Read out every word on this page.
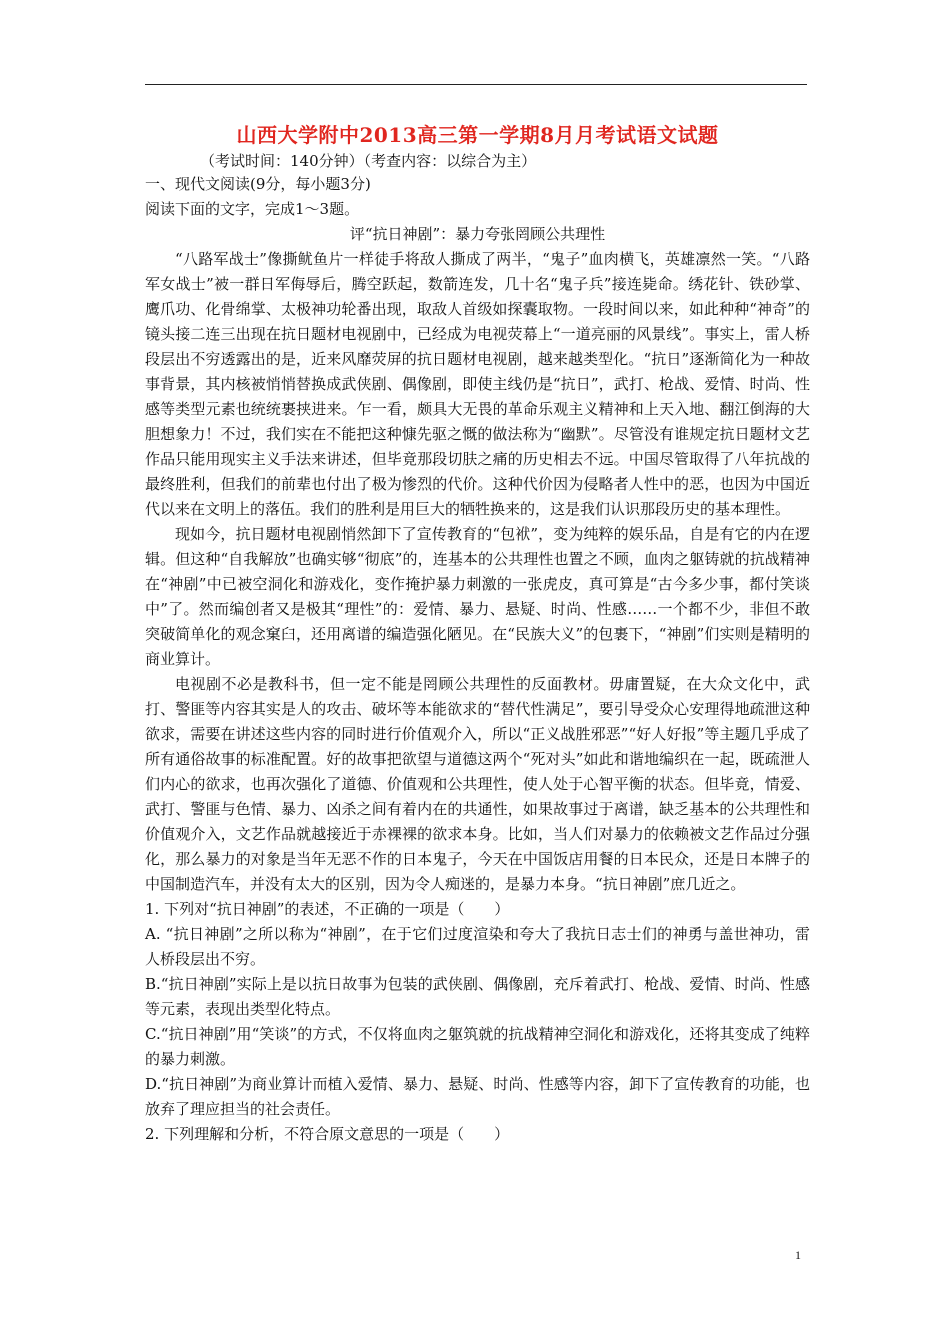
山西大学附中2013高三第一学期8月月考试语文试题

（考试时间：140分钟）（考查内容：以综合为主）

一、现代文阅读(9分，每小题3分)

阅读下面的文字，完成1～3题。

评“抗日神剧”：暴力夸张罔顾公共理性

“八路军战士”像撕鱿鱼片一样徒手将敌人撕成了两半，“鬼子”血肉横飞，英雄凛然一笑。“八路军女战士”被一群日军侮辱后，腾空跃起，数箭连发，几十名“鬼子兵”接连毙命。绣花针、铁砂掌、鹰爪功、化骨绵掌、太极神功轮番出现，取敌人首级如探囊取物。一段时间以来，如此种种“神奇”的镜头接二连三出现在抗日题材电视剧中，已经成为电视荧幕上“一道亮丽的风景线”。事实上，雷人桥段层出不穷透露出的是，近来风靡荧屏的抗日题材电视剧，越来越类型化。“抗日”逐渐简化为一种故事背景，其内核被悄悄替换成武侠剧、偶像剧，即使主线仍是“抗日”，武打、枪战、爱情、时尚、性感等类型元素也统统裹挟进来。乍一看，颇具大无畏的革命乐观主义精神和上天入地、翻江倒海的大胆想象力！不过，我们实在不能把这种慷先驱之慨的做法称为“幽默”。尽管没有谁规定抗日题材文艺作品只能用现实主义手法来讲述，但毕竟那段切肤之痛的历史相去不远。中国尽管取得了八年抗战的最终胜利，但我们的前辈也付出了极为惨烈的代价。这种代价因为侵略者人性中的恶，也因为中国近代以来在文明上的落伍。我们的胜利是用巨大的牺牲换来的，这是我们认识那段历史的基本理性。

现如今，抗日题材电视剧悄然卸下了宣传教育的“包袱”，变为纯粹的娱乐品，自是有它的内在逻辑。但这种“自我解放”也确实够“彻底”的，连基本的公共理性也置之不顾，血肉之躯铸就的抗战精神在“神剧”中已被空洞化和游戏化，变作掩护暴力刺激的一张虎皮，真可算是“古今多少事，都付笑谈中”了。然而编创者又是极其“理性”的：爱情、暴力、悬疑、时尚、性感……一个都不少，非但不敢突破简单化的观念窠臼，还用离谱的编造强化陋见。在“民族大义”的包裹下，“神剧”们实则是精明的商业算计。

电视剧不必是教科书，但一定不能是罔顾公共理性的反面教材。毋庸置疑，在大众文化中，武打、警匪等内容其实是人的攻击、破坏等本能欲求的“替代性满足”，要引导受众心安理得地疏泄这种欲求，需要在讲述这些内容的同时进行价值观介入，所以“正义战胜邪恶”“好人好报”等主题几乎成了所有通俗故事的标准配置。好的故事把欲望与道德这两个“死对头”如此和谐地编织在一起，既疏泄人们内心的欲求，也再次强化了道德、价值观和公共理性，使人处于心智平衡的状态。但毕竟，情爱、武打、警匪与色情、暴力、凶杀之间有着内在的共通性，如果故事过于离谱，缺乏基本的公共理性和价值观介入，文艺作品就越接近于赤裸裸的欲求本身。比如，当人们对暴力的依赖被文艺作品过分强化，那么暴力的对象是当年无恶不作的日本鬼子，今天在中国饭店用餐的日本民众，还是日本牌子的中国制造汽车，并没有太大的区别，因为令人痴迷的，是暴力本身。“抗日神剧”庶几近之。

1. 下列对“抗日神剧”的表述，不正确的一项是（　　）

A. “抗日神剧”之所以称为“神剧”，在于它们过度渲染和夸大了我抗日志士们的神勇与盖世神功，雷人桥段层出不穷。

B.“抗日神剧”实际上是以抗日故事为包装的武侠剧、偶像剧，充斥着武打、枪战、爱情、时尚、性感等元素，表现出类型化特点。

C.“抗日神剧”用“笑谈”的方式，不仅将血肉之躯筑就的抗战精神空洞化和游戏化，还将其变成了纯粹的暴力刺激。

D.“抗日神剧”为商业算计而植入爱情、暴力、悬疑、时尚、性感等内容，卸下了宣传教育的功能，也放弃了理应担当的社会责任。

2. 下列理解和分析，不符合原文意思的一项是（　　）

1
